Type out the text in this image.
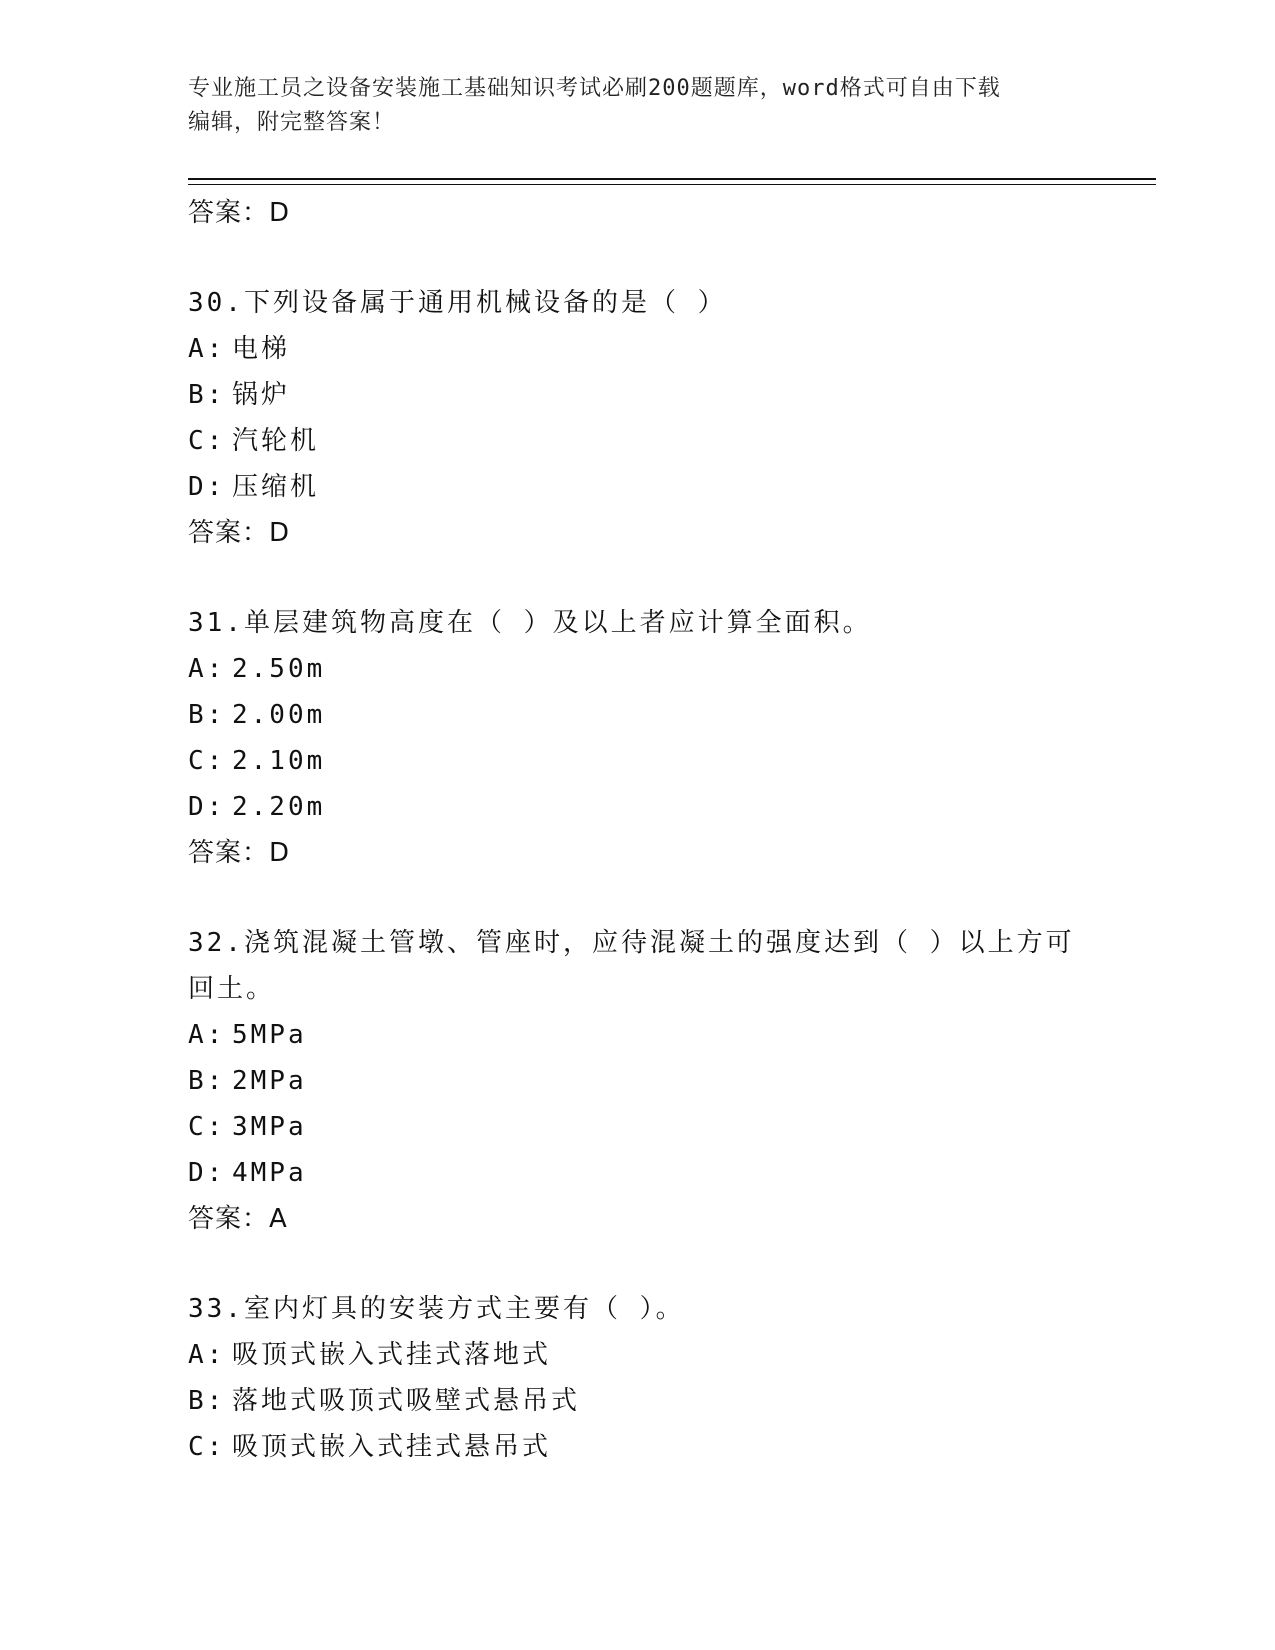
专业施工员之设备安装施工基础知识考试必刷200题题库，word格式可自由下载
编辑，附完整答案！
答案：D
30.下列设备属于通用机械设备的是（ ）
A: 电梯
B: 锅炉
C: 汽轮机
D: 压缩机
答案：D
31.单层建筑物高度在（ ）及以上者应计算全面积。
A: 2.50m
B: 2.00m
C: 2.10m
D: 2.20m
答案：D
32.浇筑混凝土管墩、管座时，应待混凝土的强度达到（ ）以上方可回土。
A: 5MPa
B: 2MPa
C: 3MPa
D: 4MPa
答案：A
33.室内灯具的安装方式主要有（ ）。
A: 吸顶式嵌入式挂式落地式
B: 落地式吸顶式吸壁式悬吊式
C: 吸顶式嵌入式挂式悬吊式
